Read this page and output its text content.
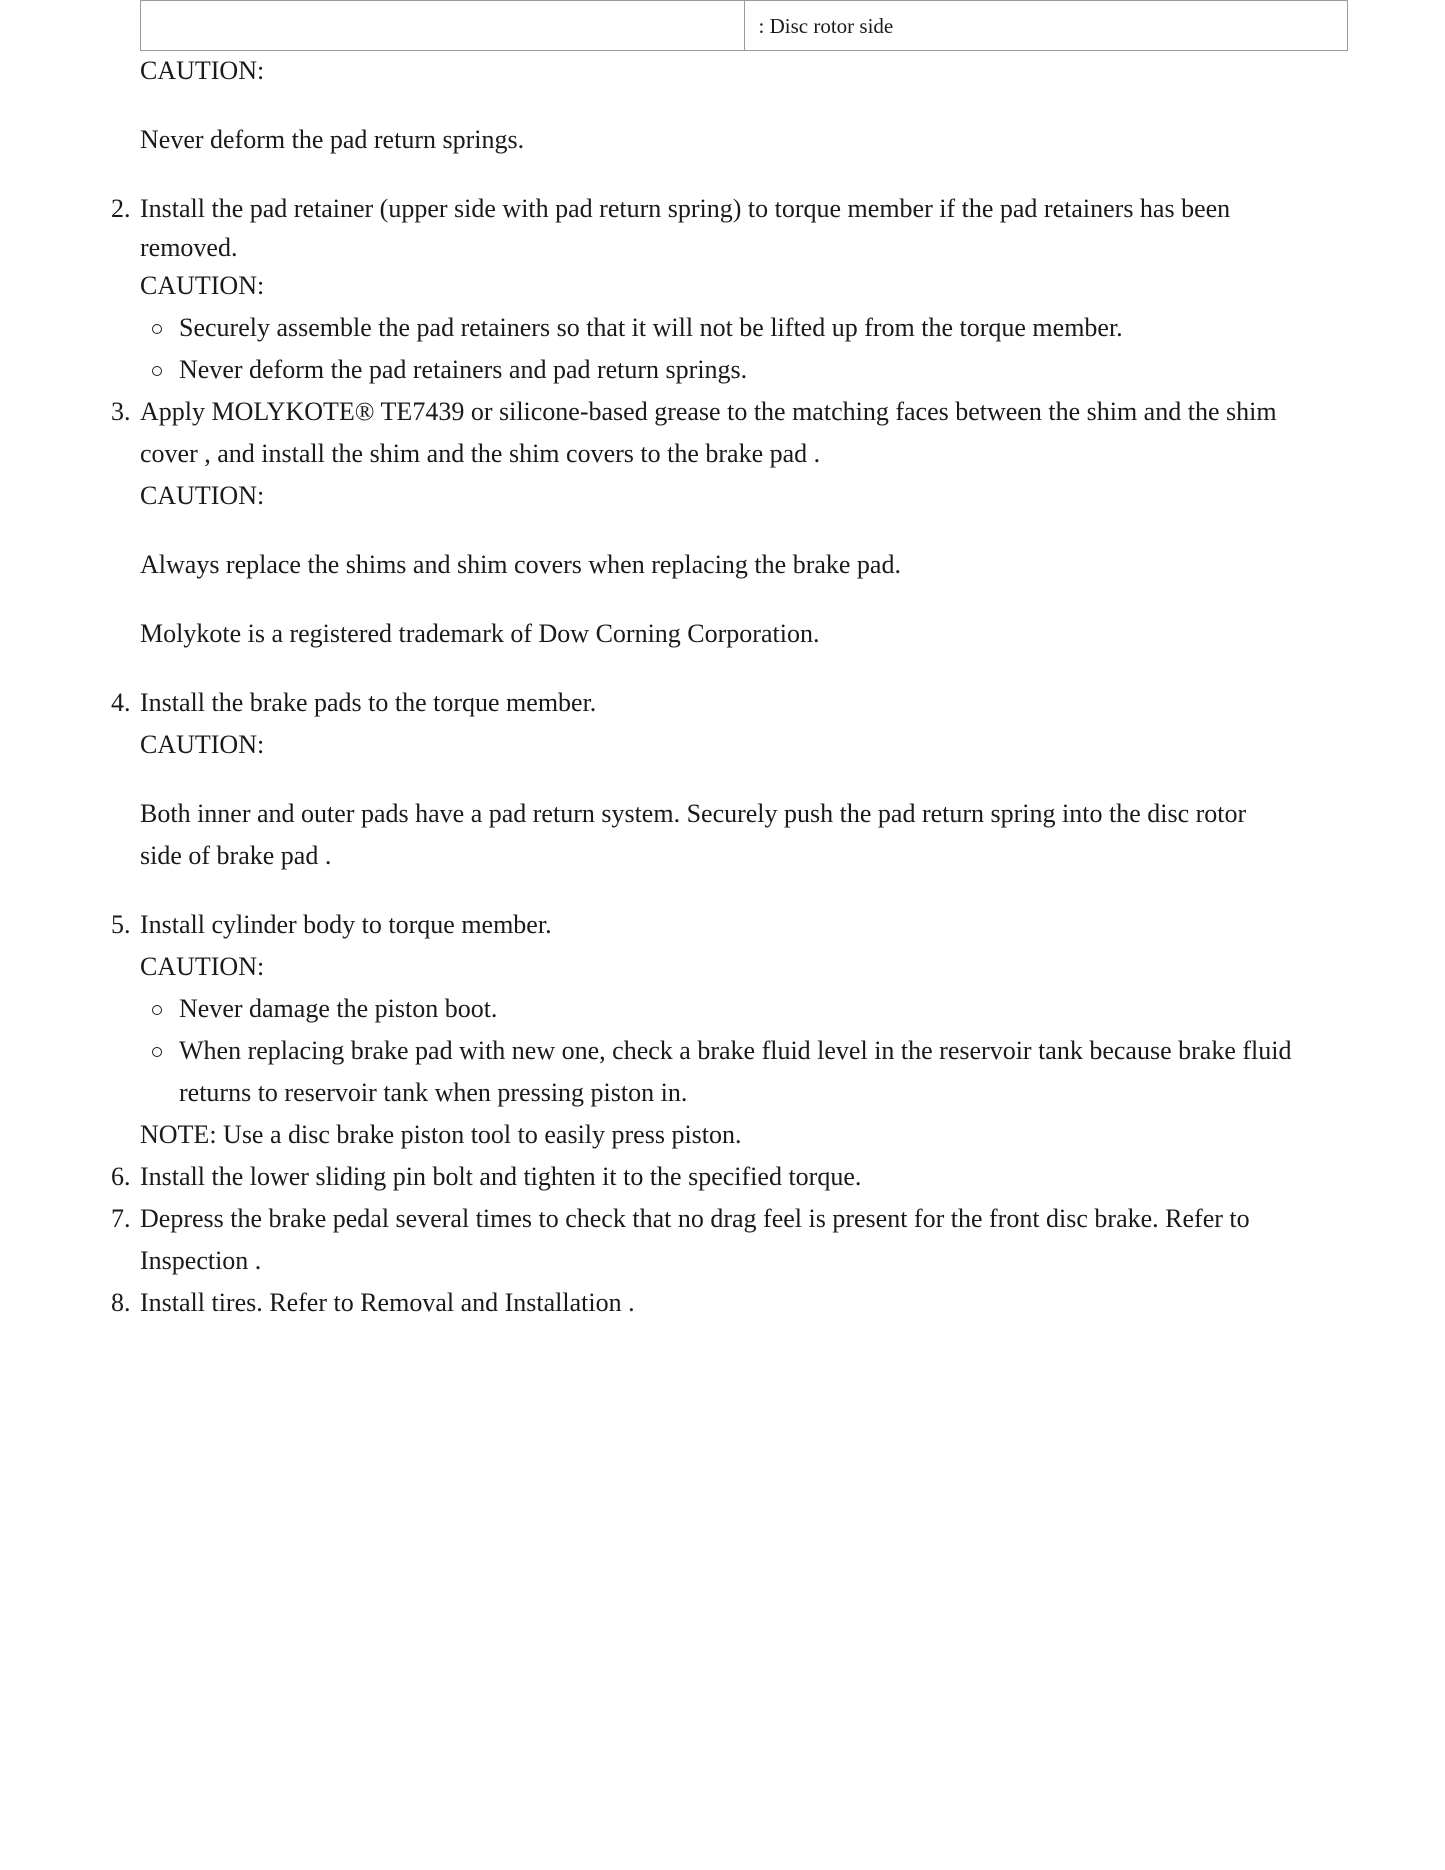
	: Disc rotor side
CAUTION:
Never deform the pad return springs.
2. Install the pad retainer (upper side with pad return spring) to torque member if the pad retainers has been
removed.
CAUTION:
Securely assemble the pad retainers so that it will not be lifted up from the torque member.
Never deform the pad retainers and pad return springs.
3. Apply MOLYKOTE® TE7439 or silicone-based grease to the matching faces between the shim and the shim
cover , and install the shim and the shim covers to the brake pad .
CAUTION:
Always replace the shims and shim covers when replacing the brake pad.
Molykote is a registered trademark of Dow Corning Corporation.
4. Install the brake pads to the torque member.
CAUTION:
Both inner and outer pads have a pad return system. Securely push the pad return spring into the disc rotor
side of brake pad .
5. Install cylinder body to torque member.
CAUTION:
Never damage the piston boot.
When replacing brake pad with new one, check a brake fluid level in the reservoir tank because brake fluid
returns to reservoir tank when pressing piston in.
NOTE: Use a disc brake piston tool to easily press piston.
6. Install the lower sliding pin bolt and tighten it to the specified torque.
7. Depress the brake pedal several times to check that no drag feel is present for the front disc brake. Refer to
Inspection .
8. Install tires. Refer to Removal and Installation .
